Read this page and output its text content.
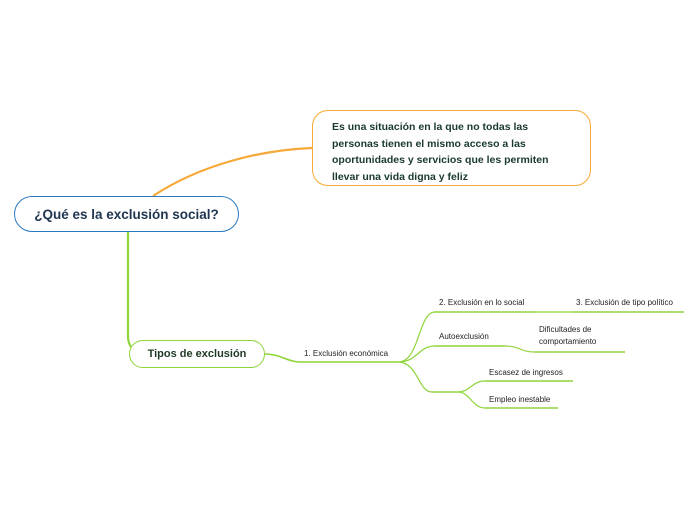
¿Qué es la exclusión social?
Es una situación en la que no todas las personas tienen el mismo acceso a las oportunidades y servicios que les permiten llevar una vida digna y feliz
Tipos de exclusión	1. Exclusión económica
2. Exclusión en lo social	3. Exclusión de tipo político
Autoexclusión
Dificultades de comportamiento
Escasez de ingresos
Empleo inestable
